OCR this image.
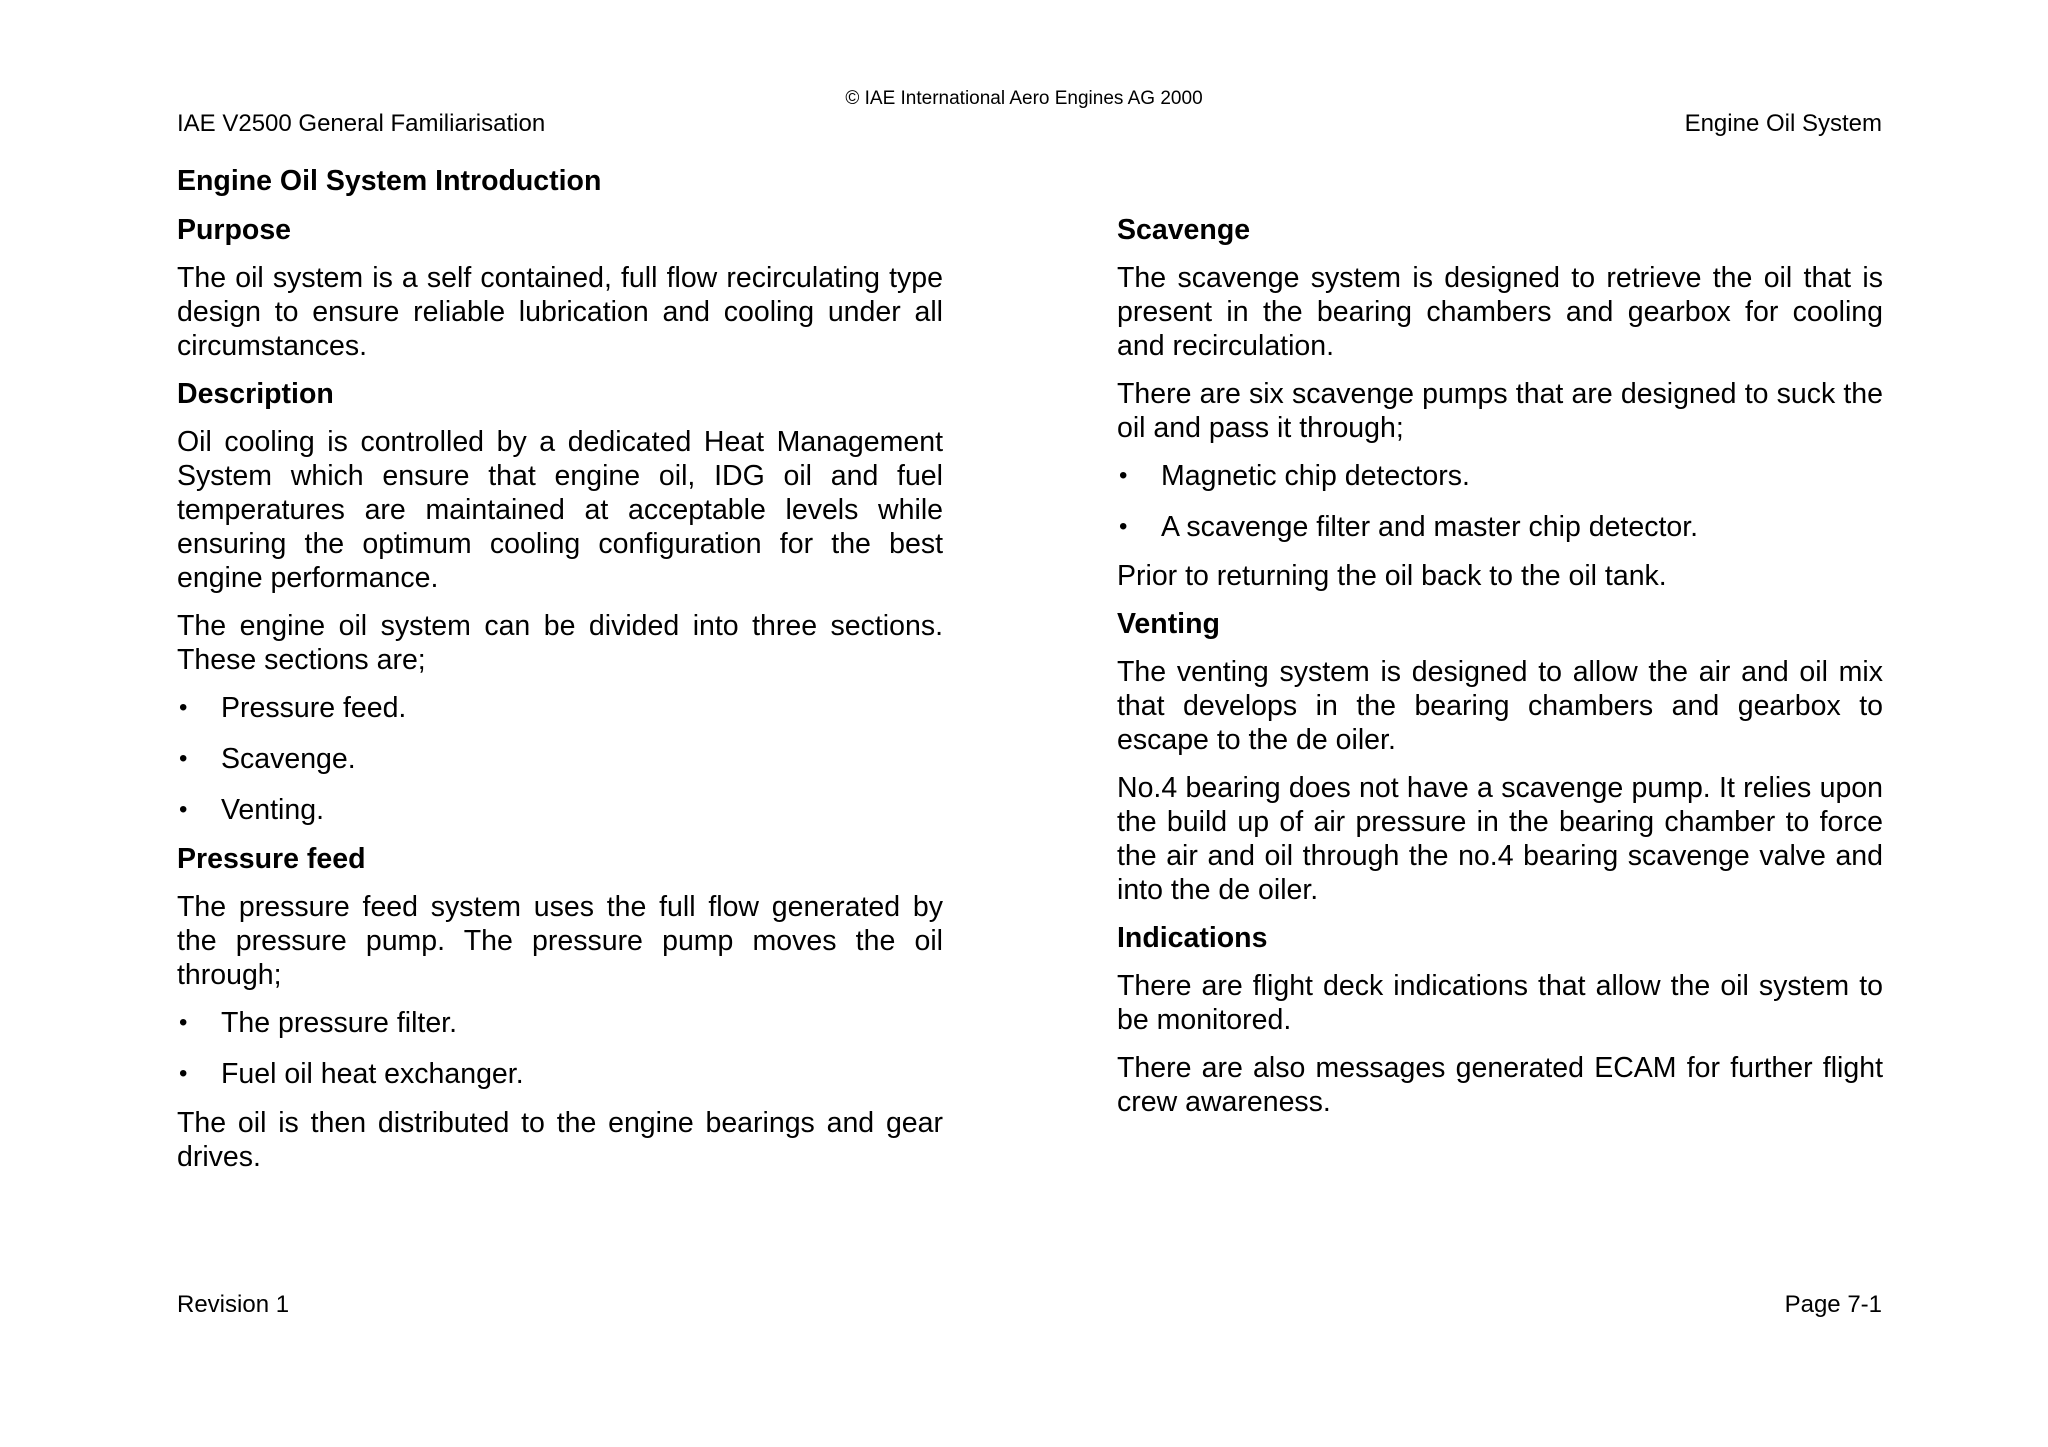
© IAE International Aero Engines AG 2000
IAE V2500 General Familiarisation	Engine Oil System
Engine Oil System Introduction
Purpose

The oil system is a self contained, full flow recirculating type design to ensure reliable lubrication and cooling under all circumstances.

Description

Oil cooling is controlled by a dedicated Heat Management System which ensure that engine oil, IDG oil and fuel temperatures are maintained at acceptable levels while ensuring the optimum cooling configuration for the best engine performance.

The engine oil system can be divided into three sections. These sections are;

• Pressure feed.
• Scavenge.
• Venting.
Pressure feed

The pressure feed system uses the full flow generated by the pressure pump. The pressure pump moves the oil through;

• The pressure filter.
• Fuel oil heat exchanger.

The oil is then distributed to the engine bearings and gear drives.

Scavenge

The scavenge system is designed to retrieve the oil that is present in the bearing chambers and gearbox for cooling and recirculation.

There are six scavenge pumps that are designed to suck the oil and pass it through;

• Magnetic chip detectors.
• A scavenge filter and master chip detector.

Prior to returning the oil back to the oil tank.

Venting

The venting system is designed to allow the air and oil mix that develops in the bearing chambers and gearbox to escape to the de oiler.

No.4 bearing does not have a scavenge pump. It relies upon the build up of air pressure in the bearing chamber to force the air and oil through the no.4 bearing scavenge valve and into the de oiler.

Indications

There are flight deck indications that allow the oil system to be monitored.

There are also messages generated ECAM for further flight crew awareness.

Revision 1	Page 7-1
